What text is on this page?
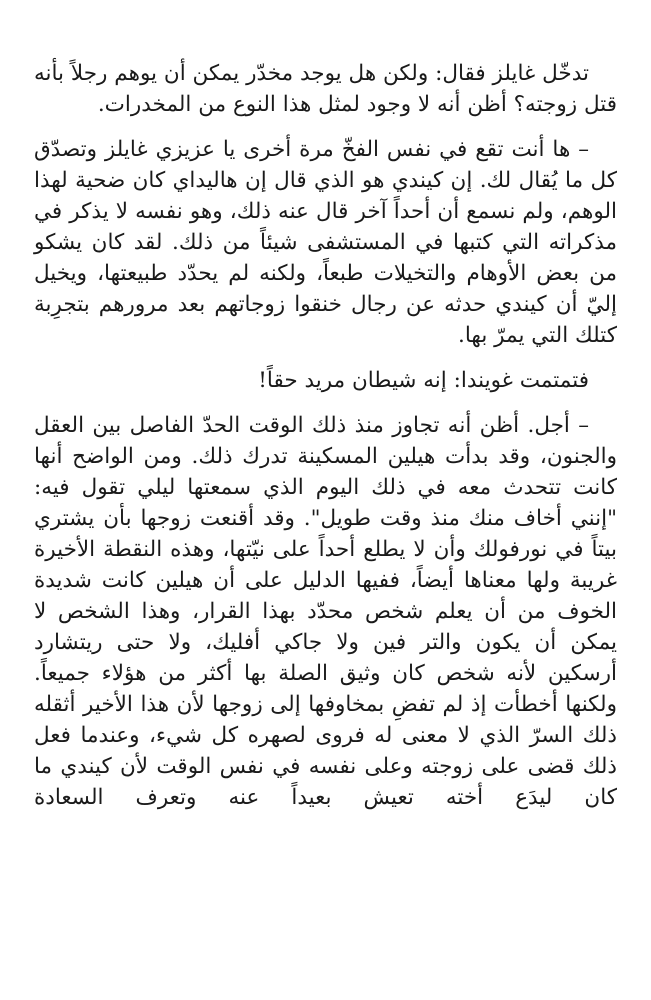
تدخّل غايلز فقال: ولكن هل يوجد مخدّر يمكن أن يوهم رجلاً بأنه قتل زوجته؟ أظن أنه لا وجود لمثل هذا النوع من المخدرات.

– ها أنت تقع في نفس الفخّ مرة أخرى يا عزيزي غايلز وتصدّق كل ما يُقال لك. إن كيندي هو الذي قال إن هاليداي كان ضحية لهذا الوهم، ولم نسمع أن أحداً آخر قال عنه ذلك، وهو نفسه لا يذكر في مذكراته التي كتبها في المستشفى شيئاً من ذلك. لقد كان يشكو من بعض الأوهام والتخيلات طبعاً، ولكنه لم يحدّد طبيعتها، ويخيل إليّ أن كيندي حدثه عن رجال خنقوا زوجاتهم بعد مرورهم بتجرِبة كتلك التي يمرّ بها.

فتمتمت غويندا: إنه شيطان مريد حقاً!

– أجل. أظن أنه تجاوز منذ ذلك الوقت الحدّ الفاصل بين العقل والجنون، وقد بدأت هيلين المسكينة تدرك ذلك. ومن الواضح أنها كانت تتحدث معه في ذلك اليوم الذي سمعتها ليلي تقول فيه: "إنني أخاف منك منذ وقت طويل". وقد أقنعت زوجها بأن يشتري بيتاً في نورفولك وأن لا يطلع أحداً على نيّتها، وهذه النقطة الأخيرة غريبة ولها معناها أيضاً، ففيها الدليل على أن هيلين كانت شديدة الخوف من أن يعلم شخص محدّد بهذا القرار، وهذا الشخص لا يمكن أن يكون والتر فين ولا جاكي أفليك، ولا حتى ريتشارد أرسكين لأنه شخص كان وثيق الصلة بها أكثر من هؤلاء جميعاً. ولكنها أخطأت إذ لم تفضِ بمخاوفها إلى زوجها لأن هذا الأخير أثقله ذلك السرّ الذي لا معنى له فروى لصهره كل شيء، وعندما فعل ذلك قضى على زوجته وعلى نفسه في نفس الوقت لأن كيندي ما كان ليدَع أخته تعيش بعيداً عنه وتعرف السعادة
